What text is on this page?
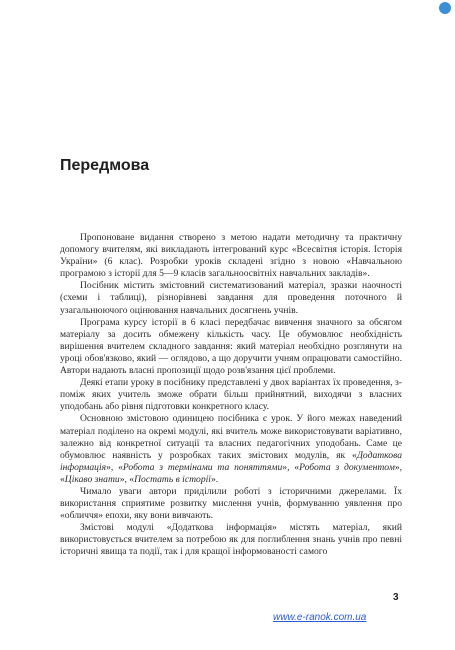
Передмова

Пропоноване видання створено з метою надати методичну та практичну допомогу вчителям, які викладають інтегрований курс «Всесвітня історія. Історія України» (6 клас). Розробки уроків складені згідно з новою «Навчальною програмою з історії для 5—9 класів загальноосвітніх навчальних закладів».

Посібник містить змістовний систематизований матеріал, зразки наочності (схеми і таблиці), різнорівневі завдання для проведення поточного й узагальнюючого оцінювання навчальних досягнень учнів.

Програма курсу історії в 6 класі передбачає вивчення значного за обсягом матеріалу за досить обмежену кількість часу. Це обумовлює необхідність вирішення вчителем складного завдання: який матеріал необхідно розглянути на уроці обов'язково, який — оглядово, а що доручити учням опрацювати самостійно. Автори надають власні пропозиції щодо розв'язання цієї проблеми.

Деякі етапи уроку в посібнику представлені у двох варіантах їх проведення, з-поміж яких учитель зможе обрати більш прийнятний, виходячи з власних уподобань або рівня підготовки конкретного класу.

Основною змістовою одиницею посібника є урок. У його межах наведений матеріал поділено на окремі модулі, які вчитель може використовувати варіативно, залежно від конкретної ситуації та власних педагогічних уподобань. Саме це обумовлює наявність у розробках таких змістових модулів, як «Додаткова інформація», «Робота з термінами та поняттями», «Робота з документом», «Цікаво знати», «Постать в історії».

Чимало уваги автори приділили роботі з історичними джерелами. Їх використання сприятиме розвитку мислення учнів, формуванню уявлення про «обличчя» епохи, яку вони вивчають.

Змістові модулі «Додаткова інформація» містять матеріал, який використовується вчителем за потребою як для поглиблення знань учнів про певні історичні явища та події, так і для кращої інформованості самого

3
www.e-ranok.com.ua
